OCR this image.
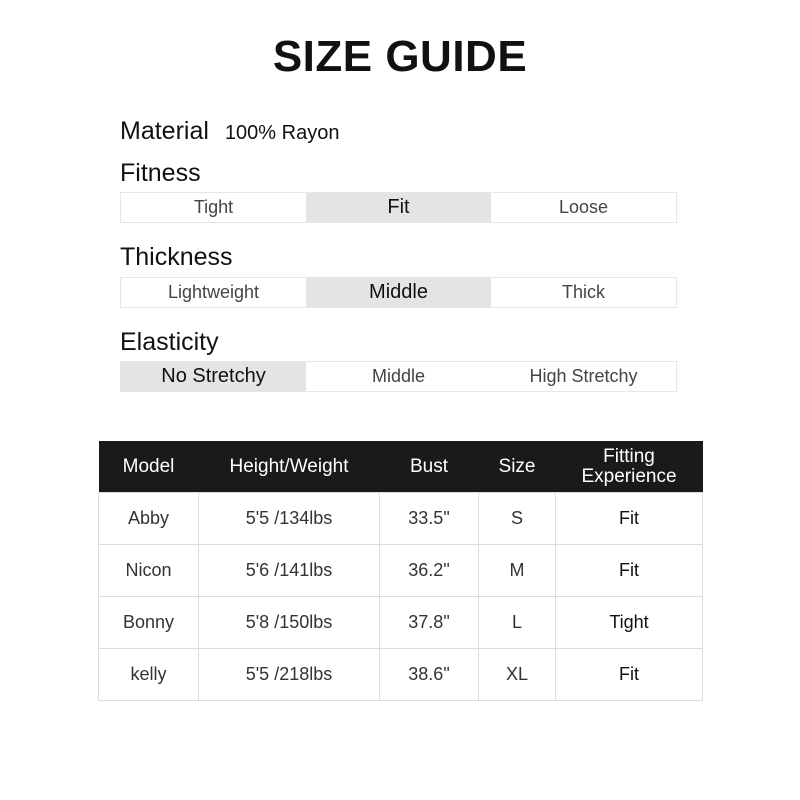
SIZE GUIDE
Material 100% Rayon
Fitness
Tight	Fit	Loose
Thickness
Lightweight	Middle	Thick
Elasticity
No Stretchy	Middle	High Stretchy
Model	Height/Weight	Bust	Size	Fitting Experience
Abby	5'5 /134lbs	33.5"	S	Fit
Nicon	5'6 /141lbs	36.2"	M	Fit
Bonny	5'8 /150lbs	37.8"	L	Tight
kelly	5'5 /218lbs	38.6"	XL	Fit
